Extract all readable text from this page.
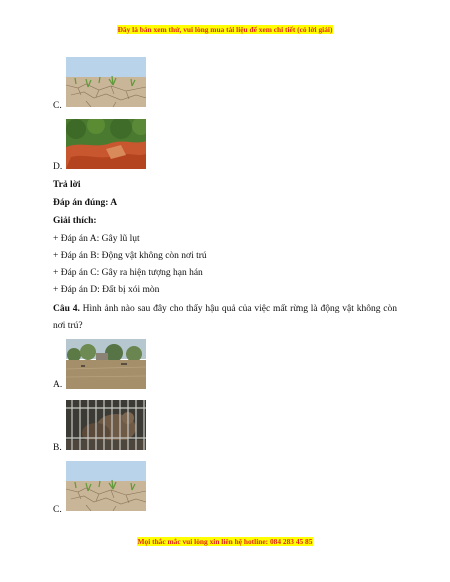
Đây là bản xem thử, vui lòng mua tài liệu để xem chi tiết (có lời giải)
C.
D.
Trả lời
Đáp án đúng: A
Giải thích:
+ Đáp án A: Gây lũ lụt
+ Đáp án B: Động vật không còn nơi trú
+ Đáp án C: Gây ra hiện tượng hạn hán
+ Đáp án D: Đất bị xói mòn
Câu 4. Hình ảnh nào sau đây cho thấy hậu quả của việc mất rừng là động vật không còn nơi trú?
A.
B.
C.
Mọi thắc mắc vui lòng xin liên hệ hotline: 084 283 45 85
